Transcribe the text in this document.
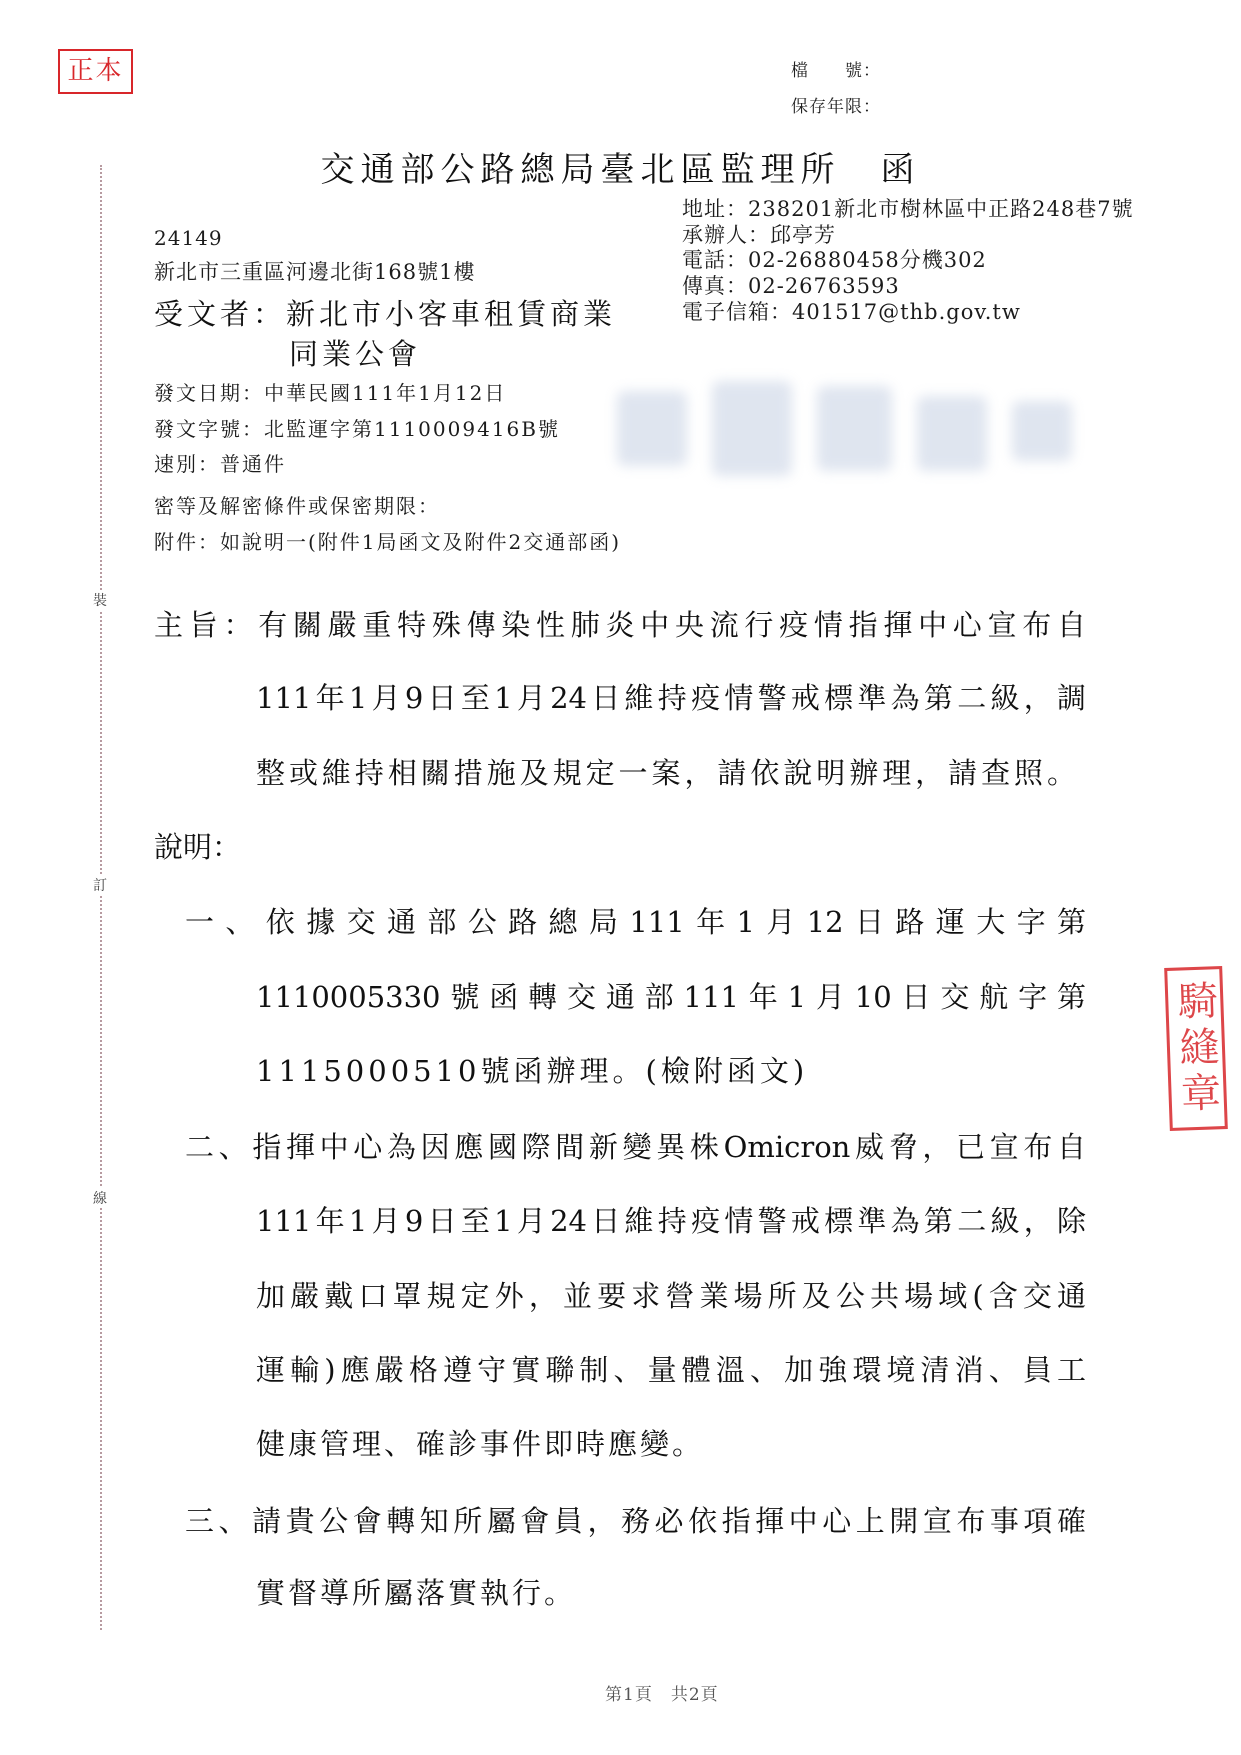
正本	檔　　號：
保存年限：
交通部公路總局臺北區監理所　函
地址：238201新北市樹林區中正路248巷7號
承辦人：邱亭芳
電話：02-26880458分機302
傳真：02-26763593
電子信箱：401517@thb.gov.tw
24149
新北市三重區河邊北街168號1樓
受文者：新北市小客車租賃商業
同業公會
發文日期：中華民國111年1月12日
發文字號：北監運字第1110009416B號
速別：普通件
密等及解密條件或保密期限：
附件：如說明一(附件1局函文及附件2交通部函)
主旨：有關嚴重特殊傳染性肺炎中央流行疫情指揮中心宣布自
111年1月9日至1月24日維持疫情警戒標準為第二級，調
整或維持相關措施及規定一案，請依說明辦理，請查照。
說明：
一、依據交通部公路總局111年1月12日路運大字第
1110005330號函轉交通部111年1月10日交航字第
1115000510號函辦理。(檢附函文)
二、指揮中心為因應國際間新變異株Omicron威脅，已宣布自
111年1月9日至1月24日維持疫情警戒標準為第二級，除
加嚴戴口罩規定外，並要求營業場所及公共場域(含交通
運輸)應嚴格遵守實聯制、量體溫、加強環境清消、員工
健康管理、確診事件即時應變。
三、請貴公會轉知所屬會員，務必依指揮中心上開宣布事項確
實督導所屬落實執行。
裝
訂
線
騎縫章
第1頁　共2頁
